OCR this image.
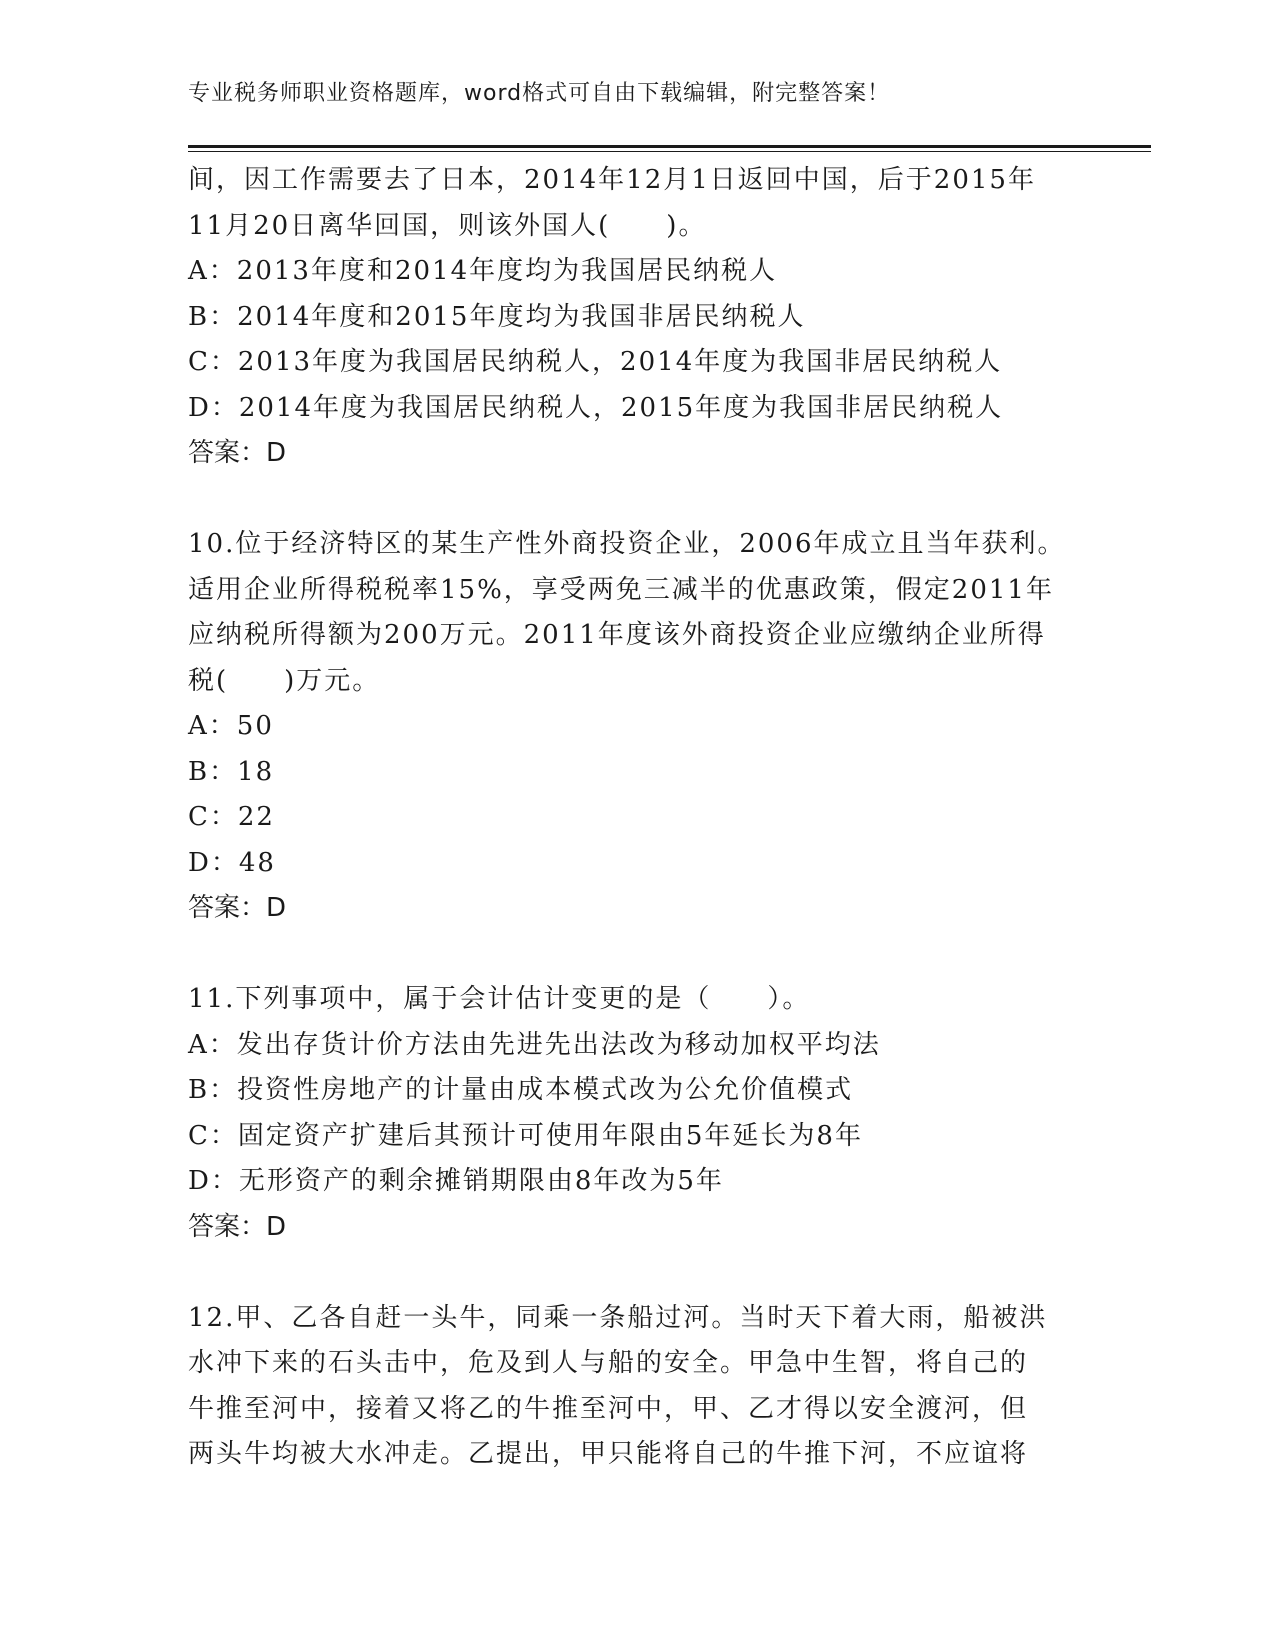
专业税务师职业资格题库，word格式可自由下载编辑，附完整答案！
间，因工作需要去了日本，2014年12月1日返回中国，后于2015年
11月20日离华回国，则该外国人(　　)。
A：2013年度和2014年度均为我国居民纳税人
B：2014年度和2015年度均为我国非居民纳税人
C：2013年度为我国居民纳税人，2014年度为我国非居民纳税人
D：2014年度为我国居民纳税人，2015年度为我国非居民纳税人
答案：D
10.位于经济特区的某生产性外商投资企业，2006年成立且当年获利。
适用企业所得税税率15%，享受两免三减半的优惠政策，假定2011年
应纳税所得额为200万元。2011年度该外商投资企业应缴纳企业所得
税(　　)万元。
A：50
B：18
C：22
D：48
答案：D
11.下列事项中，属于会计估计变更的是（　　）。
A：发出存货计价方法由先进先出法改为移动加权平均法
B：投资性房地产的计量由成本模式改为公允价值模式
C：固定资产扩建后其预计可使用年限由5年延长为8年
D：无形资产的剩余摊销期限由8年改为5年
答案：D
12.甲、乙各自赶一头牛，同乘一条船过河。当时天下着大雨，船被洪
水冲下来的石头击中，危及到人与船的安全。甲急中生智，将自己的
牛推至河中，接着又将乙的牛推至河中，甲、乙才得以安全渡河，但
两头牛均被大水冲走。乙提出，甲只能将自己的牛推下河，不应谊将
